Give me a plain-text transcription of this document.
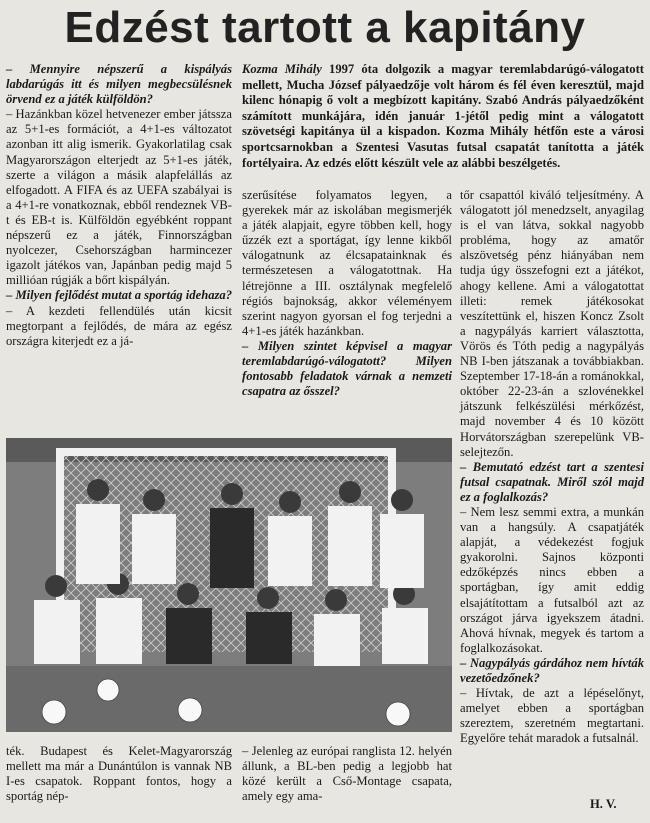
Edzést tartott a kapitány
Kozma Mihály 1997 óta dolgozik a magyar teremlabdarúgó-válogatott mellett, Mucha József pályaedzője volt három és fél éven keresztül, majd kilenc hónapig ő volt a megbízott kapitány. Szabó András pályaedzőként számított munkájára, idén január 1-jétől pedig mint a válogatott szövetségi kapitánya ül a kispadon. Kozma Mihály hétfőn este a városi sportcsarnokban a Szentesi Vasutas futsal csapatát tanította a játék fortélyaira. Az edzés előtt készült vele az alábbi beszélgetés.

– Mennyire népszerű a kispályás labdarúgás itt és milyen megbecsülésnek örvend ez a játék külföldön?

– Hazánkban közel hetvenezer ember játssza az 5+1-es formációt, a 4+1-es változatot azonban itt alig ismerik. Gyakorlatilag csak Magyarországon elterjedt az 5+1-es játék, szerte a világon a másik alapfelállás az elfogadott. A FIFA és az UEFA szabályai is a 4+1-re vonatkoznak, ebből rendeznek VB-t és EB-t is. Külföldön egyébként roppant népszerű ez a játék, Finnországban nyolcezer, Csehországban harmincezer igazolt játékos van, Japánban pedig majd 5 millióan rúgják a bőrt kispályán.

– Milyen fejlődést mutat a sportág idehaza?

– A kezdeti fellendülés után kicsit megtorpant a fejlődés, de mára az egész országra kiterjedt ez a já-

szerűsítése folyamatos legyen, a gyerekek már az iskolában megismerjék a játék alapjait, egyre többen kell, hogy űzzék ezt a sportágat, így lenne kikből válogatnunk az élcsapatainknak és természetesen a válogatottnak. Ha létrejönne a III. osztálynak megfelelő régiós bajnokság, akkor véleményem szerint nagyon gyorsan el fog terjedni a 4+1-es játék hazánkban.

– Milyen szintet képvisel a magyar teremlabdarúgó-válogatott? Milyen fontosabb feladatok várnak a nemzeti csapatra az ősszel?

tőr csapattól kiváló teljesítmény. A válogatott jól menedzselt, anyagilag is el van látva, sokkal nagyobb probléma, hogy az amatőr alszövetség pénz hiányában nem tudja úgy összefogni ezt a játékot, ahogy kellene. Ami a válogatottat illeti: remek játékosokat veszítettünk el, hiszen Koncz Zsolt a nagypályás karriert választotta, Vörös és Tóth pedig a nagypályás NB I-ben játszanak a továbbiakban. Szeptember 17-18-án a románokkal, október 22-23-án a szlovénekkel játszunk felkészülési mérkőzést, majd november 4 és 10 között Horvátországban szerepelünk VB-selejtezőn.

– Bemutató edzést tart a szentesi futsal csapatnak. Miről szól majd ez a foglalkozás?

– Nem lesz semmi extra, a munkán van a hangsúly. A csapatjáték alapját, a védekezést fogjuk gyakorolni. Sajnos központi edzőképzés nincs ebben a sportágban, így amit eddig elsajátítottam a futsalból azt az országot járva igyekszem átadni. Ahová hívnak, megyek és tartom a foglalkozásokat.

– Nagypályás gárdához nem hívták vezetőedzőnek?

– Hívtak, de azt a lépéselőnyt, amelyet ebben a sportágban szereztem, szeretném megtartani. Egyelőre tehát maradok a futsalnál.

ték. Budapest és Kelet-Magyarország mellett ma már a Dunántúlon is vannak NB I-es csapatok. Roppant fontos, hogy a sportág nép-
– Jelenleg az európai ranglista 12. helyén állunk, a BL-ben pedig a legjobb hat közé került a Cső-Montage csapata, amely egy ama-
H. V.
